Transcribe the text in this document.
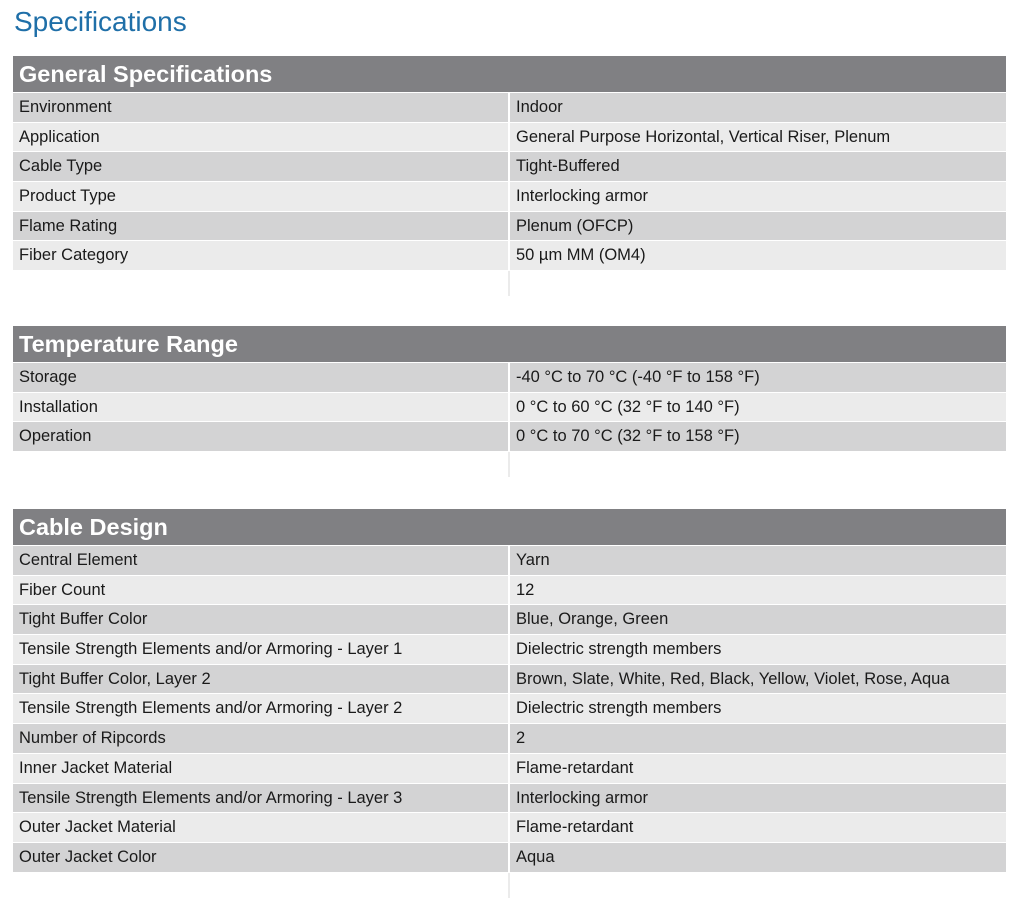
Specifications
General Specifications
Environment	Indoor
Application	General Purpose Horizontal, Vertical Riser, Plenum
Cable Type	Tight-Buffered
Product Type	Interlocking armor
Flame Rating	Plenum (OFCP)
Fiber Category	50 µm MM (OM4)
Temperature Range
Storage	-40 °C to 70 °C (-40 °F to 158 °F)
Installation	0 °C to 60 °C (32 °F to 140 °F)
Operation	0 °C to 70 °C (32 °F to 158 °F)
Cable Design
Central Element	Yarn
Fiber Count	12
Tight Buffer Color	Blue, Orange, Green
Tensile Strength Elements and/or Armoring - Layer 1	Dielectric strength members
Tight Buffer Color, Layer 2	Brown, Slate, White, Red, Black, Yellow, Violet, Rose, Aqua
Tensile Strength Elements and/or Armoring - Layer 2	Dielectric strength members
Number of Ripcords	2
Inner Jacket Material	Flame-retardant
Tensile Strength Elements and/or Armoring - Layer 3	Interlocking armor
Outer Jacket Material	Flame-retardant
Outer Jacket Color	Aqua
